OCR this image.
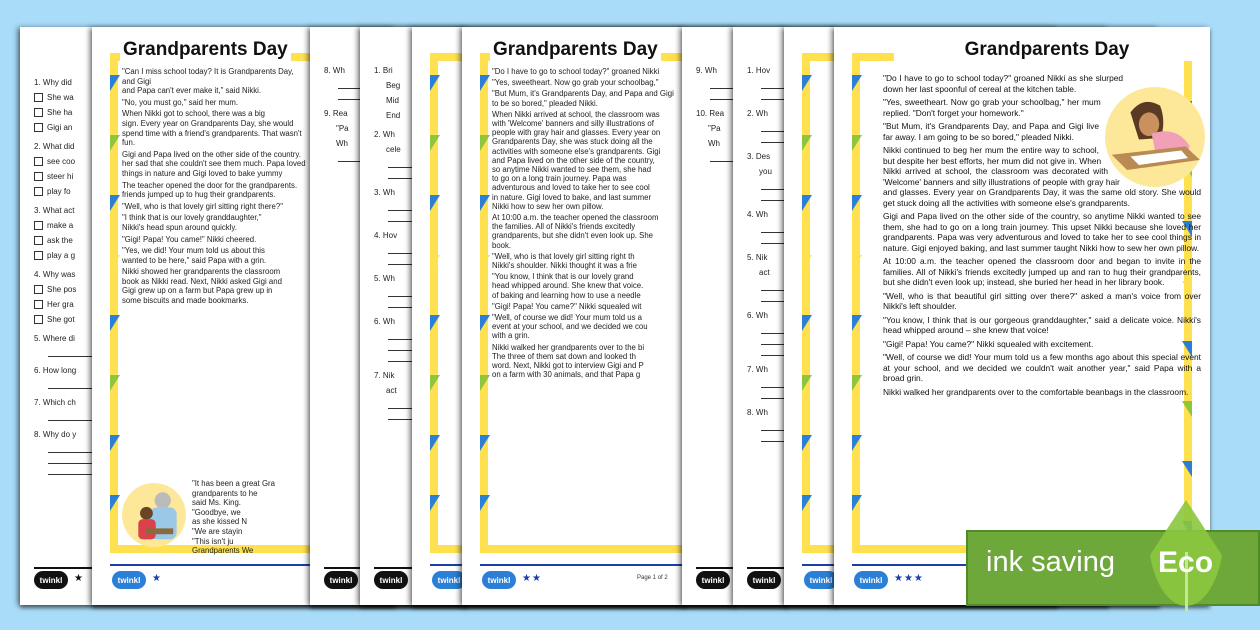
1. Why did
She wa
She ha
Gigi an
2. What did
see coo
steer hi
play fo
3. What act
make a
ask the
play a g
4. Why was
She pos
Her gra
She got
5. Where di
6. How long
7. Which ch
8. Why do y
twinkl	★
Grandparents Day
"Can I miss school today? It is Grandparents Day, and Gigi
and Papa can't ever make it," said Nikki.
"No, you must go," said her mum.
When Nikki got to school, there was a big
sign. Every year on Grandparents Day, she would
spend time with a friend's grandparents. That wasn't
fun.
Gigi and Papa lived on the other side of the country.
her sad that she couldn't see them much. Papa loved
things in nature and Gigi loved to bake yummy
The teacher opened the door for the grandparents.
friends jumped up to hug their grandparents.
"Well, who is that lovely girl sitting right there?"
"I think that is our lovely granddaughter,"
Nikki's head spun around quickly.
"Gigi! Papa! You came!" Nikki cheered.
"Yes, we did! Your mum told us about this
wanted to be here," said Papa with a grin.
Nikki showed her grandparents the classroom
book as Nikki read. Next, Nikki asked Gigi and
Gigi grew up on a farm but Papa grew up in
some biscuits and made bookmarks.
"It has been a great Gra
grandparents to he
said Ms. King.
"Goodbye, we
as she kissed N
"We are stayin
"This isn't ju
Grandparents We
twinkl	★
8. Wh
9. Rea
"Pa
Wh
twinkl
1. Bri
Beg
Mid
End
2. Wh
cele
3. Wh
4. Hov
5. Wh
6. Wh
7. Nik
act
twinkl	twinkl
Grandparents Day
"Do I have to go to school today?" groaned Nikki
"Yes, sweetheart. Now go grab your schoolbag,"
"But Mum, it's Grandparents Day, and Papa and Gigi
to be so bored," pleaded Nikki.
When Nikki arrived at school, the classroom was
with 'Welcome' banners and silly illustrations of
people with gray hair and glasses. Every year on
Grandparents Day, she was stuck doing all the
activities with someone else's grandparents. Gigi
and Papa lived on the other side of the country,
so anytime Nikki wanted to see them, she had
to go on a long train journey. Papa was
adventurous and loved to take her to see cool
in nature. Gigi loved to bake, and last summer
Nikki how to sew her own pillow.
At 10:00 a.m. the teacher opened the classroom
the families. All of Nikki's friends excitedly
grandparents, but she didn't even look up. She
book.
"Well, who is that lovely girl sitting right th
Nikki's shoulder. Nikki thought it was a frie
"You know, I think that is our lovely grand
head whipped around. She knew that voice.
of baking and learning how to use a needle
"Gigi! Papa! You came?" Nikki squealed wit
"Well, of course we did! Your mum told us a
event at your school, and we decided we cou
with a grin.
Nikki walked her grandparents over to the bi
The three of them sat down and looked th
word. Next, Nikki got to interview Gigi and P
on a farm with 30 animals, and that Papa g
twinkl	★★	Page 1 of 2
9. Wh
10. Rea
"Pa
Wh
twinkl
1. Hov
2. Wh
3. Des
you
4. Wh
5. Nik
act
6. Wh
7. Wh
8. Wh
twinkl	twinkl
Grandparents Day

"Do I have to go to school today?" groaned Nikki as she slurped down her last spoonful of cereal at the kitchen table.

"Yes, sweetheart. Now go grab your schoolbag," her mum replied. "Don't forget your homework."

"But Mum, it's Grandparents Day, and Papa and Gigi live far away. I am going to be so bored," pleaded Nikki.

Nikki continued to beg her mum the entire way to school, but despite her best efforts, her mum did not give in. When Nikki arrived at school, the classroom was decorated with 'Welcome' banners and silly illustrations of people with gray hair and glasses. Every year on Grandparents Day, it was the same old story. She would get stuck doing all the activities with someone else's grandparents.

Gigi and Papa lived on the other side of the country, so anytime Nikki wanted to see them, she had to go on a long train journey. This upset Nikki because she loved her grandparents. Papa was very adventurous and loved to take her to see cool things in nature. Gigi enjoyed baking, and last summer taught Nikki how to sew her own pillow.

At 10:00 a.m. the teacher opened the classroom door and began to invite in the families. All of Nikki's friends excitedly jumped up and ran to hug their grandparents, but she didn't even look up; instead, she buried her head in her library book.

"Well, who is that beautiful girl sitting over there?" asked a man's voice from over Nikki's left shoulder.

"You know, I think that is our gorgeous granddaughter," said a delicate voice. Nikki's head whipped around – she knew that voice!

"Gigi! Papa! You came?" Nikki squealed with excitement.

"Well, of course we did! Your mum told us a few months ago about this special event at your school, and we decided we couldn't wait another year," said Papa with a broad grin.

Nikki walked her grandparents over to the comfortable beanbags in the classroom.

twinkl	★★★
ink saving Eco
